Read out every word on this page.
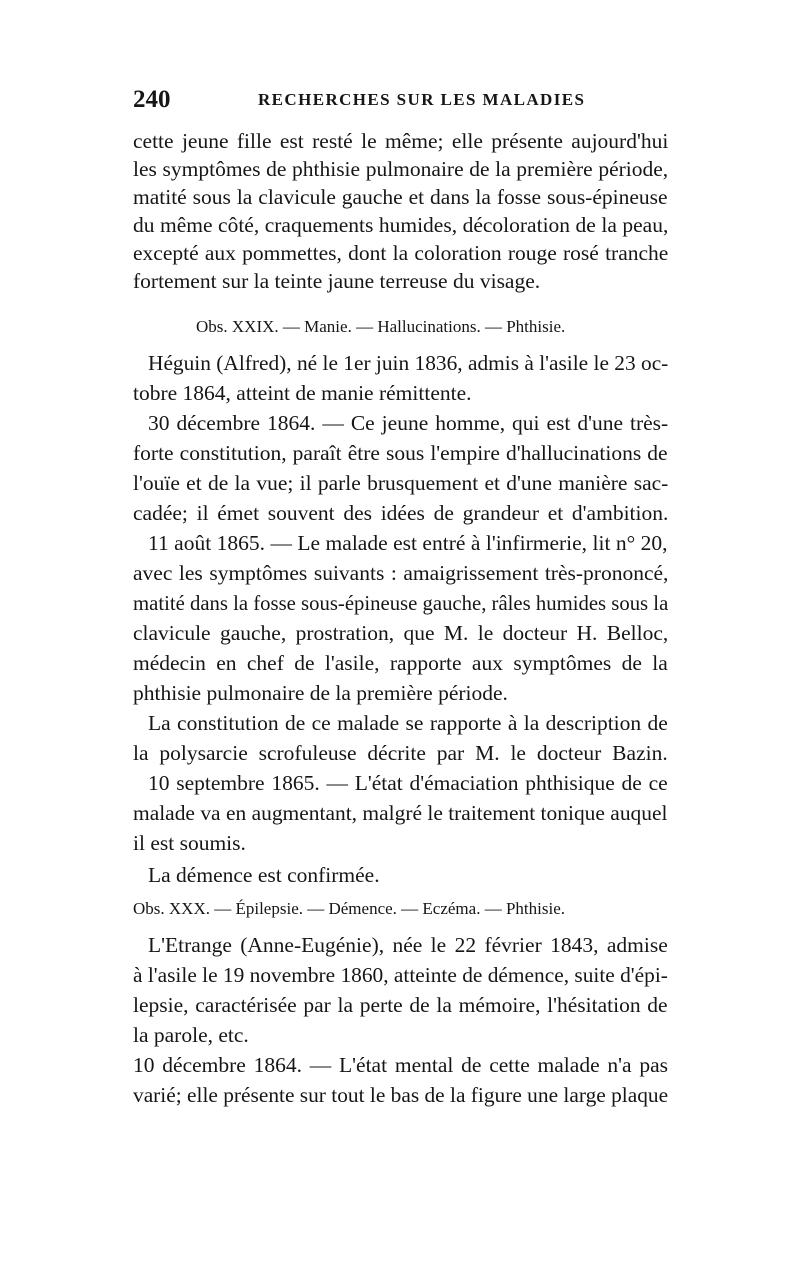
240	RECHERCHES SUR LES MALADIES
cette jeune fille est resté le même; elle présente aujourd'hui
les symptômes de phthisie pulmonaire de la première période,
matité sous la clavicule gauche et dans la fosse sous-épineuse
du même côté, craquements humides, décoloration de la peau,
excepté aux pommettes, dont la coloration rouge rosé tranche
fortement sur la teinte jaune terreuse du visage.
Obs. XXIX. — Manie. — Hallucinations. — Phthisie.
Héguin (Alfred), né le 1er juin 1836, admis à l'asile le 23 oc-
tobre 1864, atteint de manie rémittente.
30 décembre 1864. — Ce jeune homme, qui est d'une très-
forte constitution, paraît être sous l'empire d'hallucinations de
l'ouïe et de la vue; il parle brusquement et d'une manière sac-
cadée; il émet souvent des idées de grandeur et d'ambition.
11 août 1865. — Le malade est entré à l'infirmerie, lit n° 20,
avec les symptômes suivants : amaigrissement très-prononcé,
matité dans la fosse sous-épineuse gauche, râles humides sous la
clavicule gauche, prostration, que M. le docteur H. Belloc,
médecin en chef de l'asile, rapporte aux symptômes de la
phthisie pulmonaire de la première période.
La constitution de ce malade se rapporte à la description de
la polysarcie scrofuleuse décrite par M. le docteur Bazin.
10 septembre 1865. — L'état d'émaciation phthisique de ce
malade va en augmentant, malgré le traitement tonique auquel
il est soumis.
La démence est confirmée.
Obs. XXX. — Épilepsie. — Démence. — Eczéma. — Phthisie.
L'Etrange (Anne-Eugénie), née le 22 février 1843, admise
à l'asile le 19 novembre 1860, atteinte de démence, suite d'épi-
lepsie, caractérisée par la perte de la mémoire, l'hésitation de
la parole, etc.
10 décembre 1864. — L'état mental de cette malade n'a pas
varié; elle présente sur tout le bas de la figure une large plaque
